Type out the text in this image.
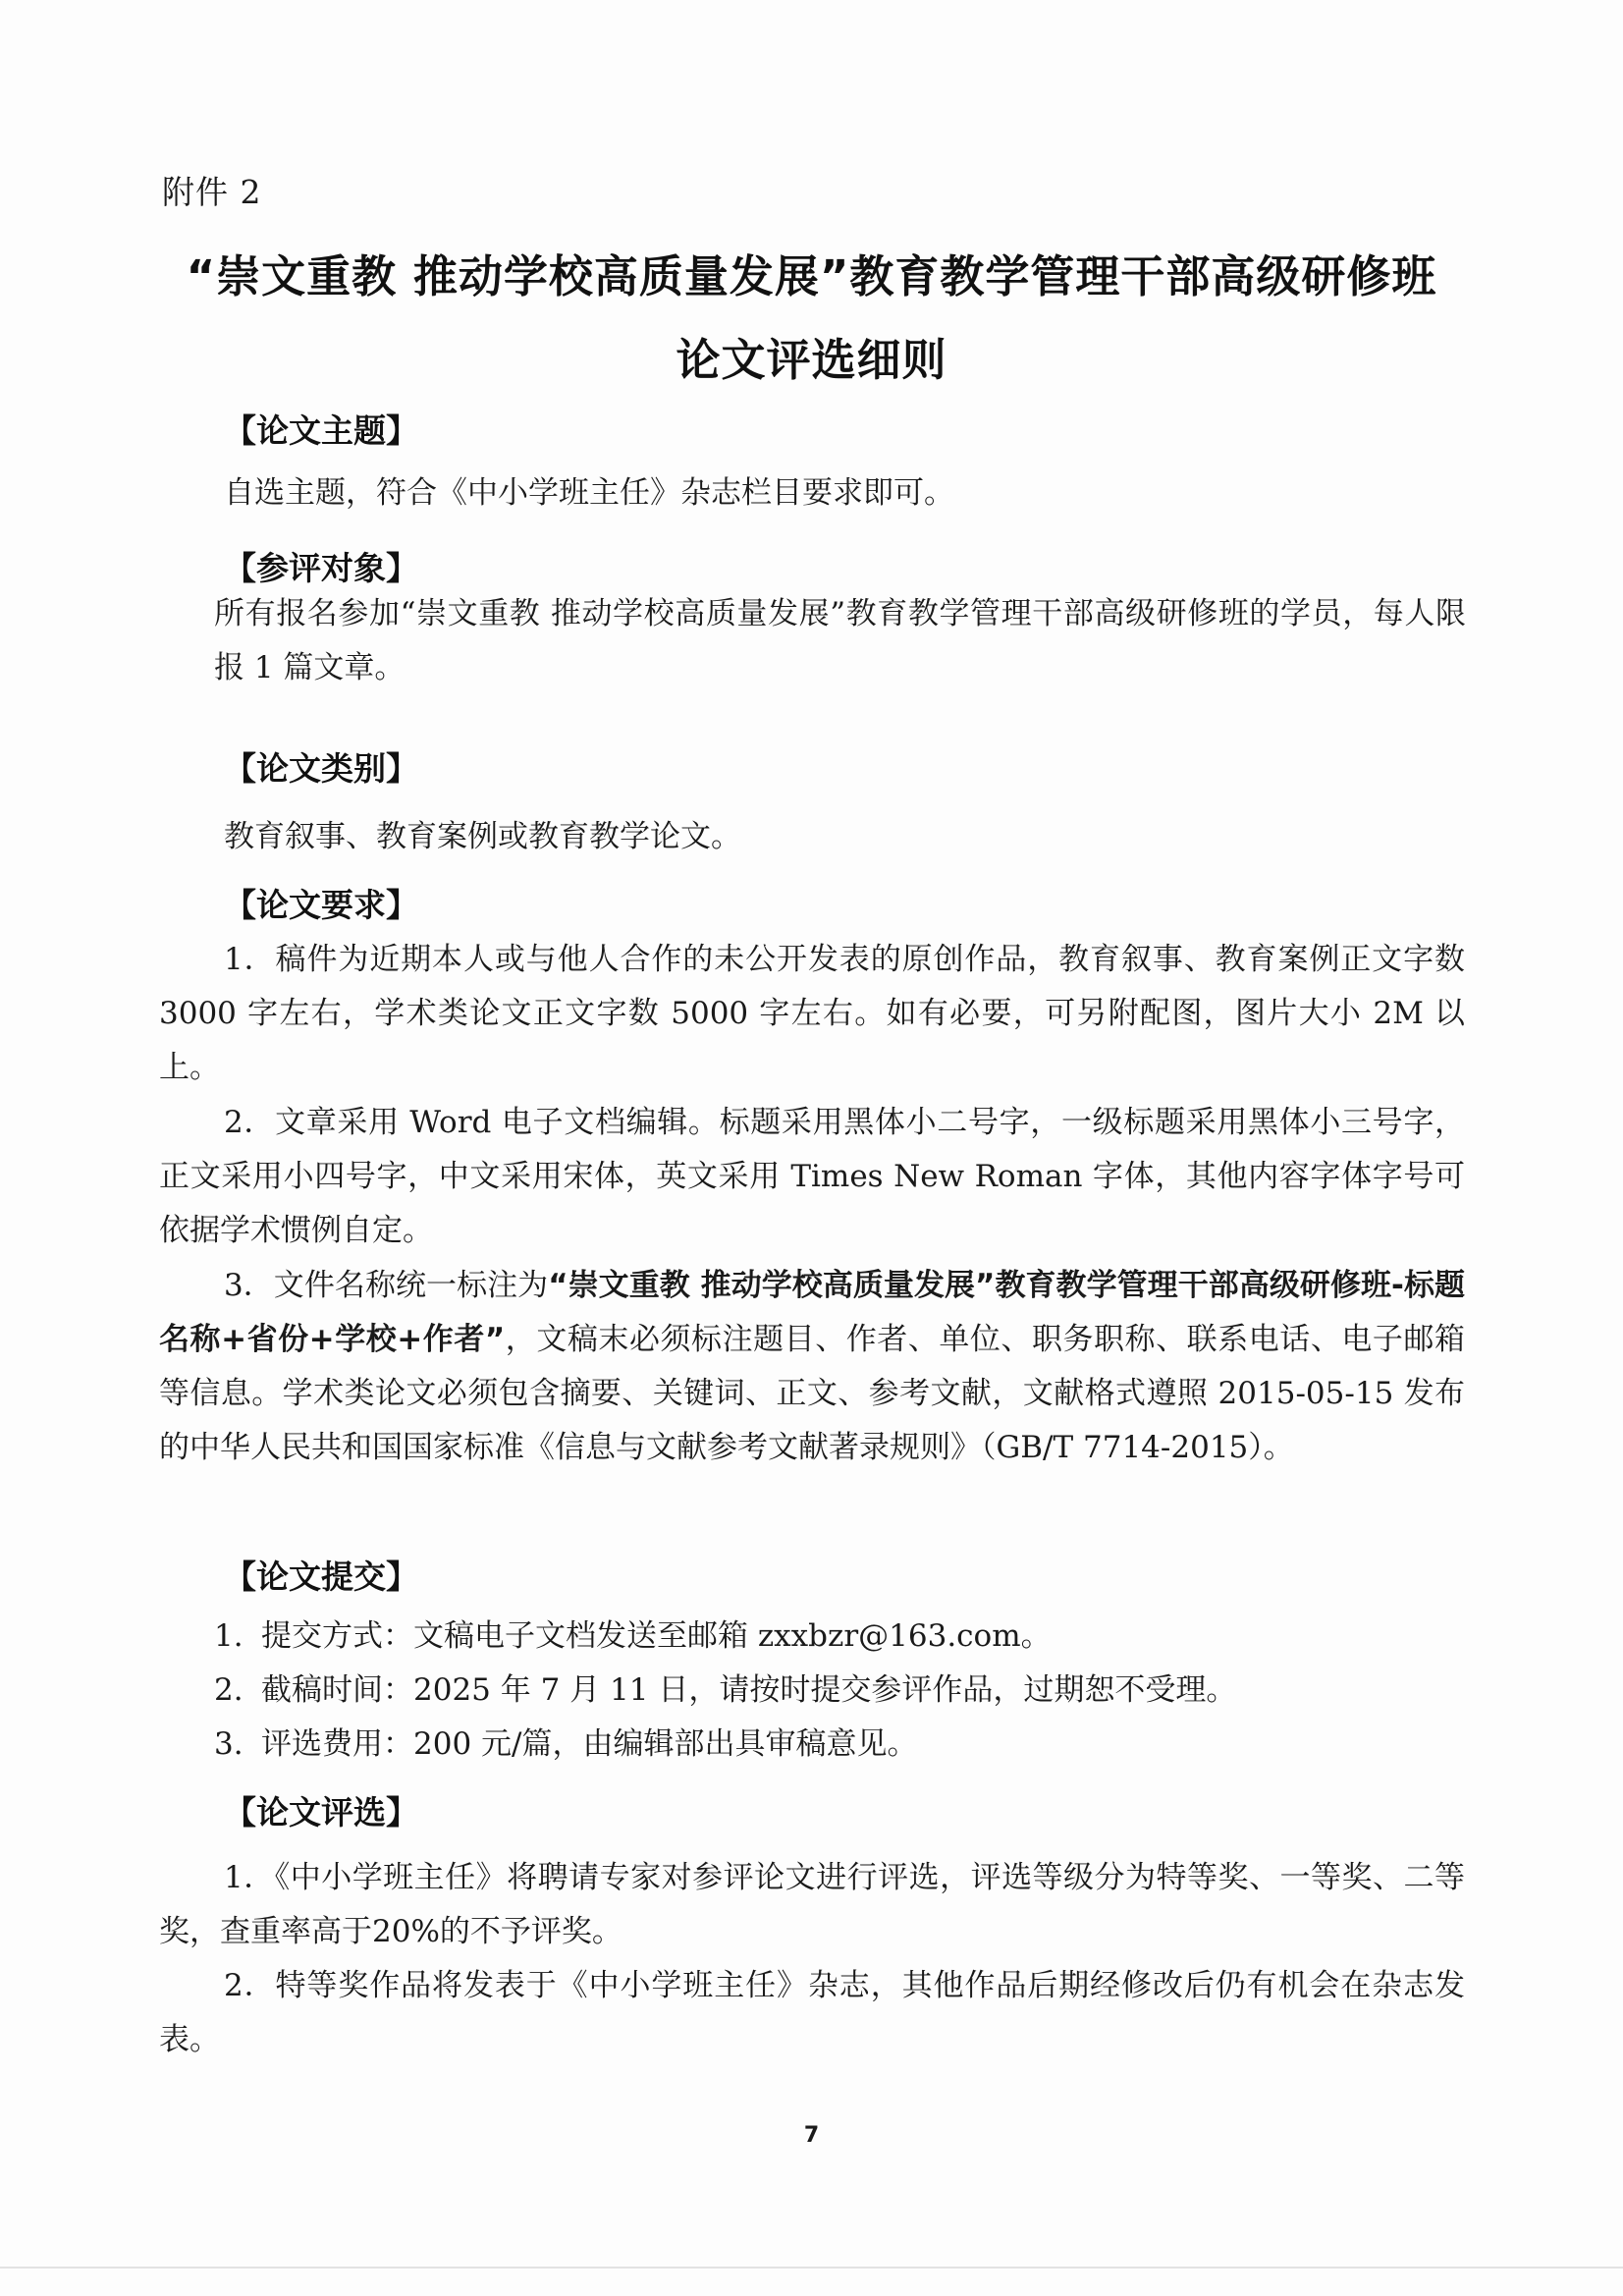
附件 2
“崇文重教 推动学校高质量发展”教育教学管理干部高级研修班
论文评选细则
【论文主题】
自选主题，符合《中小学班主任》杂志栏目要求即可。
【参评对象】
所有报名参加“崇文重教 推动学校高质量发展”教育教学管理干部高级研修班的学员，每人限报 1 篇文章。
【论文类别】
教育叙事、教育案例或教育教学论文。
【论文要求】
1．稿件为近期本人或与他人合作的未公开发表的原创作品，教育叙事、教育案例正文字数 3000 字左右，学术类论文正文字数 5000 字左右。如有必要，可另附配图，图片大小 2M 以上。
2．文章采用 Word 电子文档编辑。标题采用黑体小二号字，一级标题采用黑体小三号字，正文采用小四号字，中文采用宋体，英文采用 Times New Roman 字体，其他内容字体字号可依据学术惯例自定。
3．文件名称统一标注为“崇文重教 推动学校高质量发展”教育教学管理干部高级研修班-标题名称+省份+学校+作者”，文稿末必须标注题目、作者、单位、职务职称、联系电话、电子邮箱等信息。学术类论文必须包含摘要、关键词、正文、参考文献，文献格式遵照 2015-05-15 发布的中华人民共和国国家标准《信息与文献参考文献著录规则》（GB/T 7714-2015）。
【论文提交】
1. 提交方式：文稿电子文档发送至邮箱 zxxbzr@163.com。
2. 截稿时间：2025 年 7 月 11 日，请按时提交参评作品，过期恕不受理。
3. 评选费用：200 元/篇，由编辑部出具审稿意见。
【论文评选】
1．《中小学班主任》将聘请专家对参评论文进行评选，评选等级分为特等奖、一等奖、二等奖，查重率高于20%的不予评奖。
2．特等奖作品将发表于《中小学班主任》杂志，其他作品后期经修改后仍有机会在杂志发表。
7
